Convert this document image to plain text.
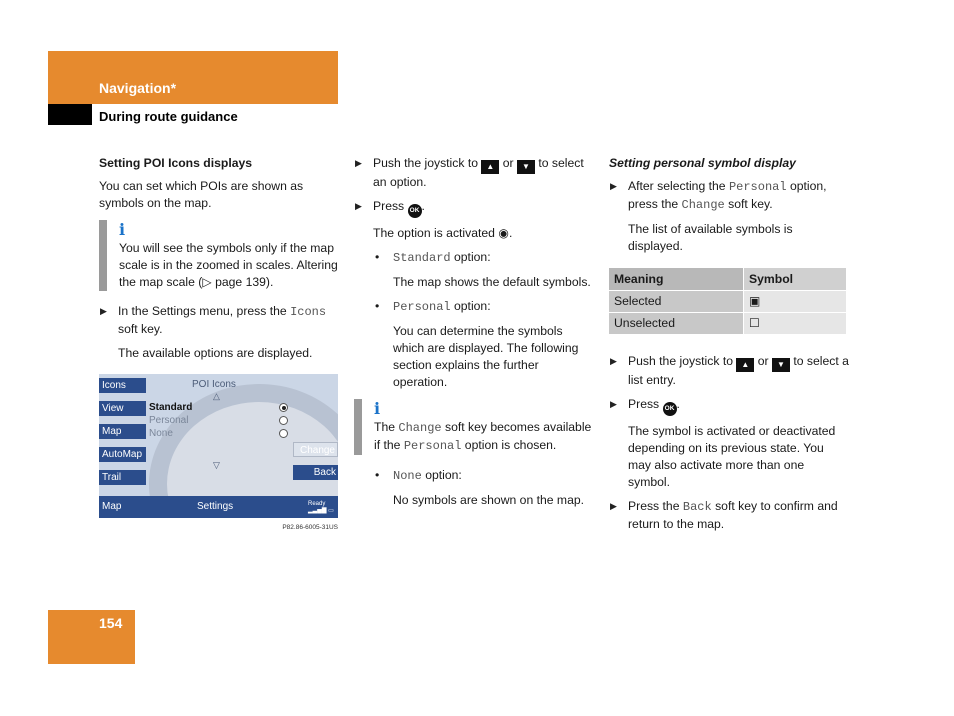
Navigation*
During route guidance
Setting POI Icons displays

You can set which POIs are shown as symbols on the map.

i
You will see the symbols only if the map scale is in the zoomed in scales. Altering the map scale (▷ page 139).
▶ In the Settings menu, press the Icons soft key.

The available options are displayed.

Icons
View
Map
AutoMap
Trail
POI Icons
△
▽
Standard
Personal
None
Change
Back
Map	Settings	Ready
▂▃▅▇ ▭
P82.86-6005-31US
▶ Push the joystick to ▲ or ▼ to select an option.
▶ Press OK .

The option is activated ◉.

• Standard option:

The map shows the default symbols.

• Personal option:

You can determine the symbols which are displayed. The following section explains the further operation.

i
The Change soft key becomes available if the Personal option is chosen.
• None option:

No symbols are shown on the map.

Setting personal symbol display
▶ After selecting the Personal option, press the Change soft key.

The list of available symbols is displayed.

Meaning	Symbol
Selected	▣
Unselected	☐
▶ Push the joystick to ▲ or ▼ to select a list entry.
▶ Press OK .

The symbol is activated or deactivated depending on its previous state. You may also activate more than one symbol.

▶ Press the Back soft key to confirm and return to the map.
154
